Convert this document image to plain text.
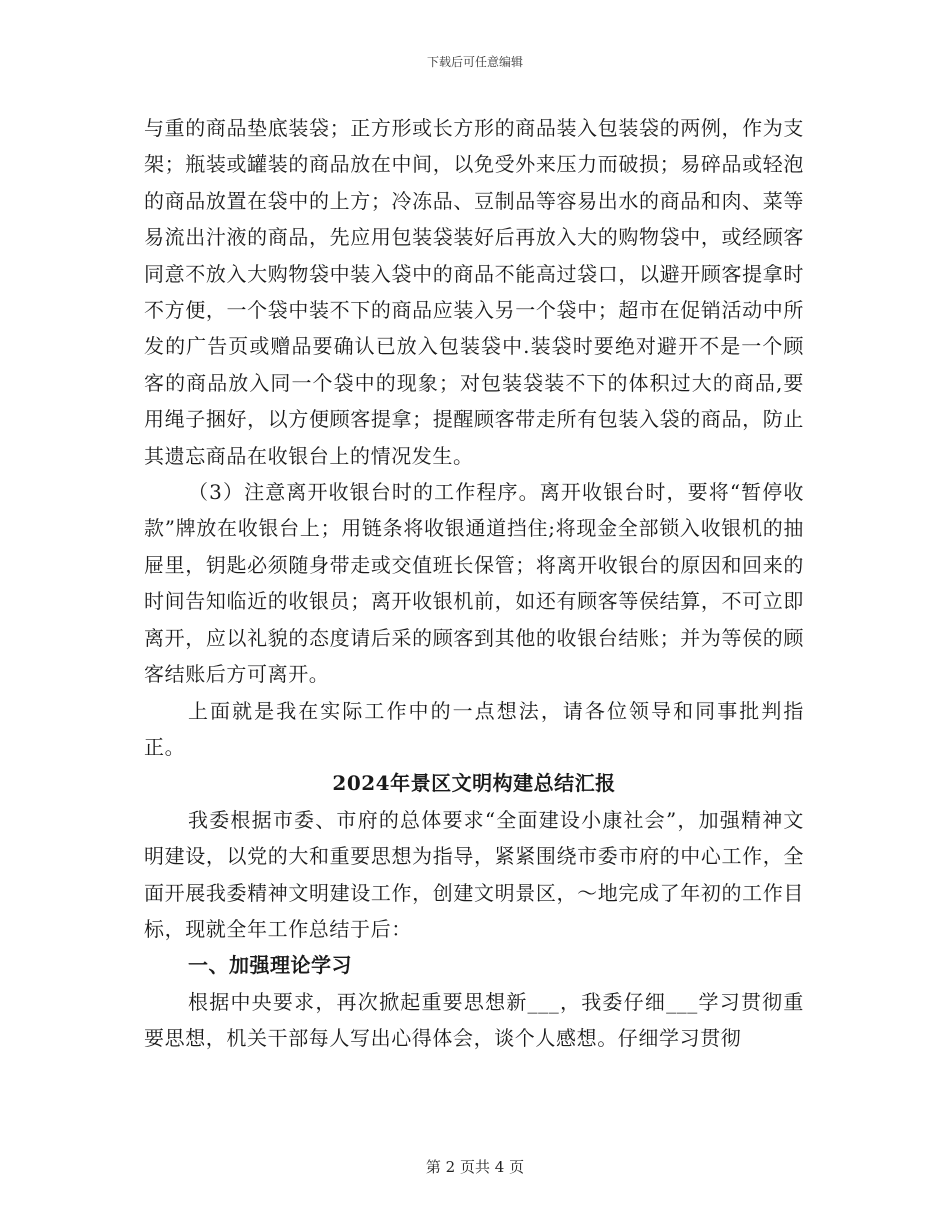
下载后可任意编辑

与重的商品垫底装袋；正方形或长方形的商品装入包装袋的两例，作为支架；瓶装或罐装的商品放在中间，以免受外来压力而破损；易碎品或轻泡的商品放置在袋中的上方；冷冻品、豆制品等容易出水的商品和肉、菜等易流出汁液的商品，先应用包装袋装好后再放入大的购物袋中，或经顾客同意不放入大购物袋中装入袋中的商品不能高过袋口，以避开顾客提拿时不方便，一个袋中装不下的商品应装入另一个袋中；超市在促销活动中所发的广告页或赠品要确认已放入包装袋中.装袋时要绝对避开不是一个顾客的商品放入同一个袋中的现象；对包装袋装不下的体积过大的商品,要用绳子捆好，以方便顾客提拿；提醒顾客带走所有包装入袋的商品，防止其遗忘商品在收银台上的情况发生。

（3）注意离开收银台时的工作程序。离开收银台时，要将“暂停收款”牌放在收银台上；用链条将收银通道挡住;将现金全部锁入收银机的抽屉里，钥匙必须随身带走或交值班长保管；将离开收银台的原因和回来的时间告知临近的收银员；离开收银机前，如还有顾客等侯结算，不可立即离开，应以礼貌的态度请后采的顾客到其他的收银台结账；并为等侯的顾客结账后方可离开。

上面就是我在实际工作中的一点想法，请各位领导和同事批判指正。

2024年景区文明构建总结汇报

我委根据市委、市府的总体要求“全面建设小康社会”，加强精神文明建设，以党的大和重要思想为指导，紧紧围绕市委市府的中心工作，全面开展我委精神文明建设工作，创建文明景区，～地完成了年初的工作目标，现就全年工作总结于后：

一、加强理论学习

根据中央要求，再次掀起重要思想新___，我委仔细___学习贯彻重要思想，机关干部每人写出心得体会，谈个人感想。仔细学习贯彻

第 2 页共 4 页
